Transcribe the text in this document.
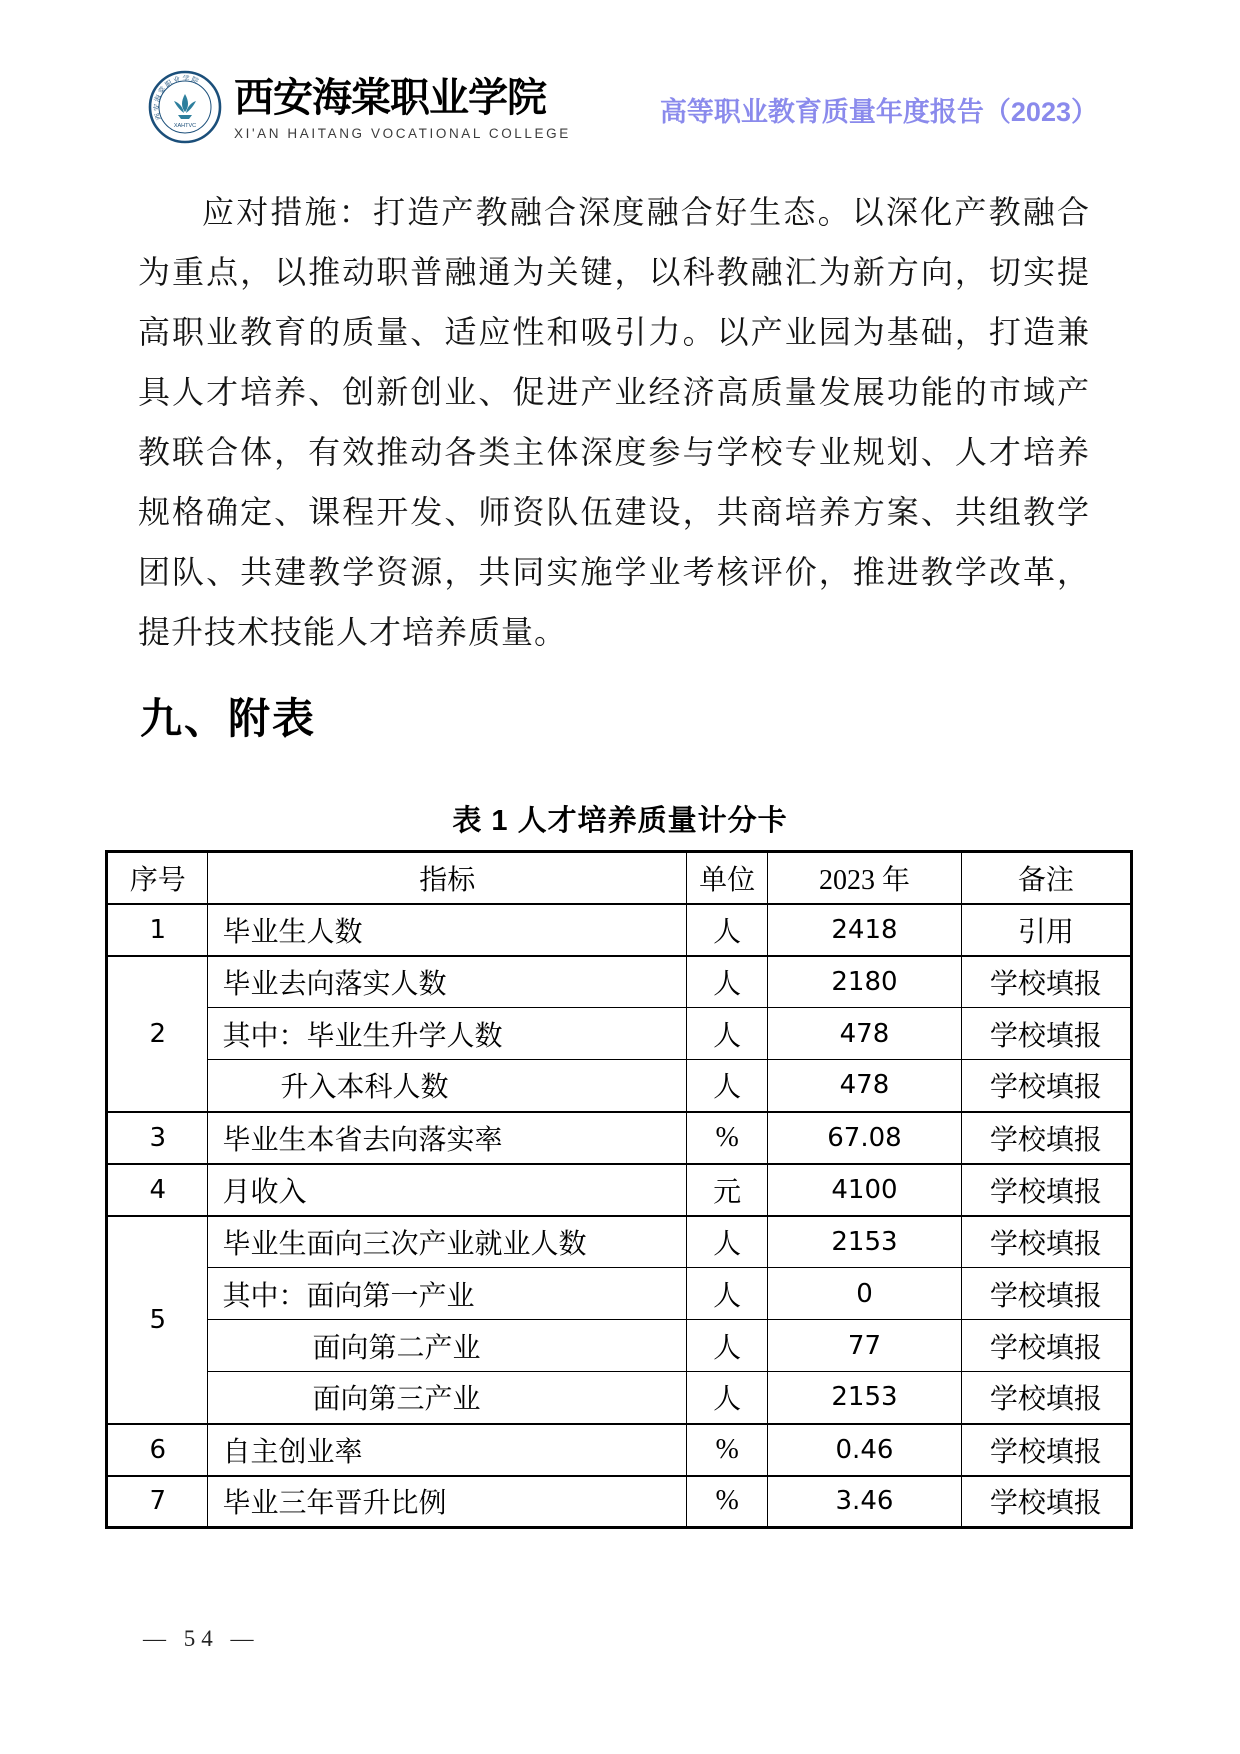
西安海棠职业学院
XAHTVC
西安海棠职业学院
XI'AN HAITANG VOCATIONAL COLLEGE
高等职业教育质量年度报告（2023）
应对措施：打造产教融合深度融合好生态。以深化产教融合
为重点，以推动职普融通为关键，以科教融汇为新方向，切实提
高职业教育的质量、适应性和吸引力。以产业园为基础，打造兼
具人才培养、创新创业、促进产业经济高质量发展功能的市域产
教联合体，有效推动各类主体深度参与学校专业规划、人才培养
规格确定、课程开发、师资队伍建设，共商培养方案、共组教学
团队、共建教学资源，共同实施学业考核评价，推进教学改革，
提升技术技能人才培养质量。
九、附表
表 1 人才培养质量计分卡
序号	指标	单位	2023 年	备注
1	毕业生人数	人	2418	引用
2	毕业去向落实人数	人	2180	学校填报
	其中：毕业生升学人数	人	478	学校填报
	升入本科人数	人	478	学校填报
3	毕业生本省去向落实率	%	67.08	学校填报
4	月收入	元	4100	学校填报
5	毕业生面向三次产业就业人数	人	2153	学校填报
	其中：面向第一产业	人	0	学校填报
	面向第二产业	人	77	学校填报
	面向第三产业	人	2153	学校填报
6	自主创业率	%	0.46	学校填报
7	毕业三年晋升比例	%	3.46	学校填报
— 54 —
